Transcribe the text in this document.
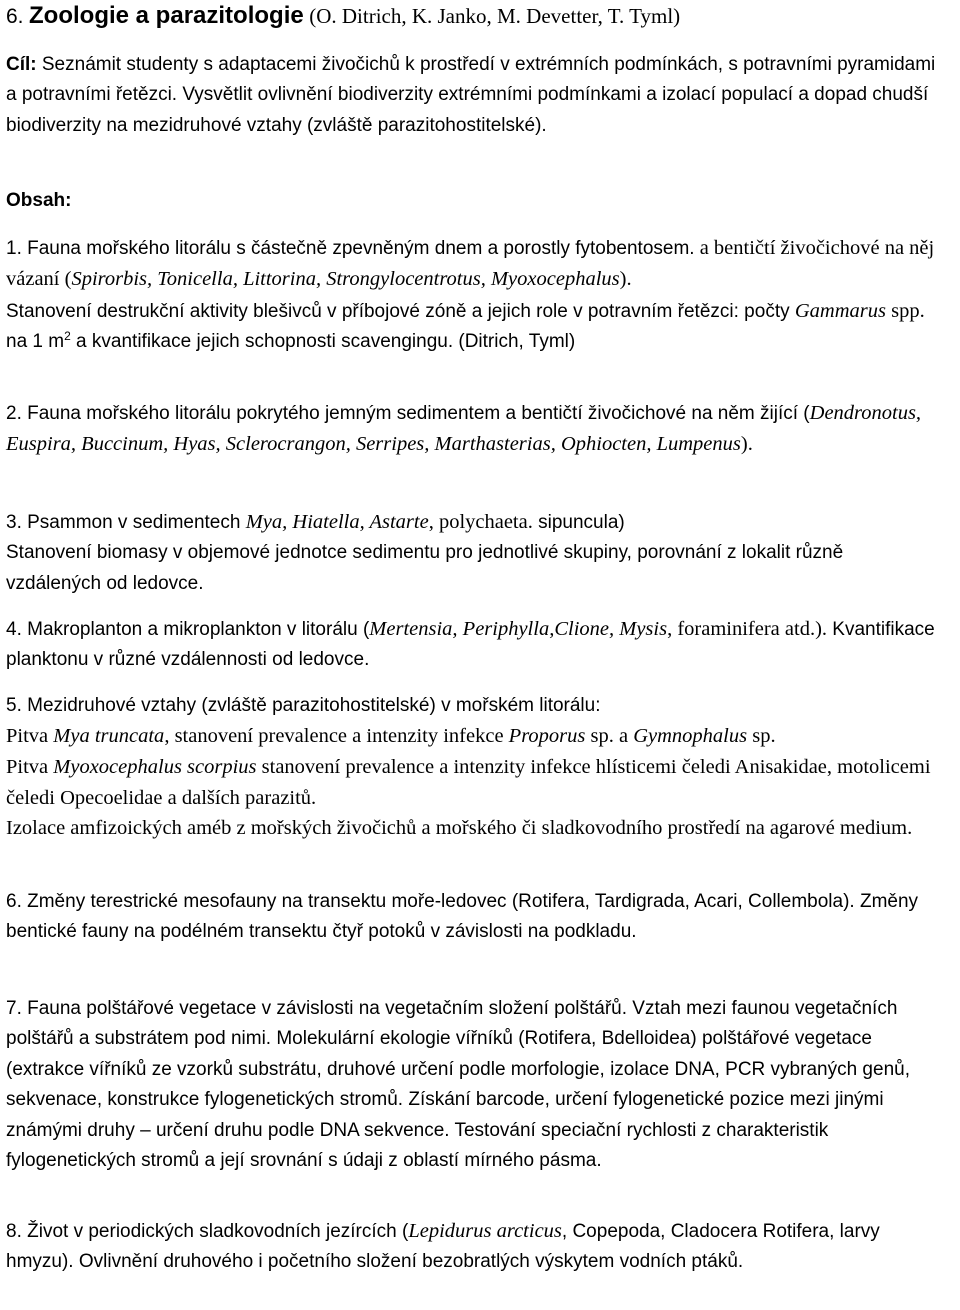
6. Zoologie a parazitologie (O. Ditrich, K. Janko, M. Devetter, T. Tyml)

Cíl: Seznámit studenty s adaptacemi živočichů k prostředí v extrémních podmínkách, s potravními pyramidami a potravními řetězci. Vysvětlit ovlivnění biodiverzity extrémními podmínkami a izolací populací a dopad chudší biodiverzity na mezidruhové vztahy (zvláště parazitohostitelské).

Obsah:

1. Fauna mořského litorálu s částečně zpevněným dnem a porostly fytobentosem. a bentičtí živočichové na něj vázaní (Spirorbis, Tonicella, Littorina, Strongylocentrotus, Myoxocephalus).
Stanovení destrukční aktivity blešivců v příbojové zóně a jejich role v potravním řetězci: počty Gammarus spp. na 1 $m^2$ a kvantifikace jejich schopnosti scavengingu. (Ditrich, Tyml)

2. Fauna mořského litorálu pokrytého jemným sedimentem a bentičtí živočichové na něm žijící (Dendronotus, Euspira, Buccinum, Hyas, Sclerocrangon, Serripes, Marthasterias, Ophiocten, Lumpenus).

3. Psammon v sedimentech Mya, Hiatella, Astarte, polychaeta. sipuncula)
Stanovení biomasy v objemové jednotce sedimentu pro jednotlivé skupiny, porovnání z lokalit různě vzdálených od ledovce.

4. Makroplanton a mikroplankton v litorálu (Mertensia, Periphylla,Clione, Mysis, foraminifera atd.). Kvantifikace planktonu v různé vzdálennosti od ledovce.

5. Mezidruhové vztahy (zvláště parazitohostitelské) v mořském litorálu:
Pitva Mya truncata, stanovení prevalence a intenzity infekce Proporus sp. a Gymnophalus sp.
Pitva Myoxocephalus scorpius stanovení prevalence a intenzity infekce hlísticemi čeledi Anisakidae, motolicemi čeledi Opecoelidae a dalších parazitů.
Izolace amfizoických améb z mořských živočichů a mořského či sladkovodního prostředí na agarové medium.

6. Změny terestrické mesofauny na transektu moře-ledovec (Rotifera, Tardigrada, Acari, Collembola). Změny bentické fauny na podélném transektu čtyř potoků v závislosti na podkladu.

7. Fauna polštářové vegetace v závislosti na vegetačním složení polštářů. Vztah mezi faunou vegetačních polštářů a substrátem pod nimi. Molekulární ekologie vířníků (Rotifera, Bdelloidea) polštářové vegetace (extrakce vířníků ze vzorků substrátu, druhové určení podle morfologie, izolace DNA, PCR vybraných genů, sekvenace, konstrukce fylogenetických stromů. Získání barcode, určení fylogenetické pozice mezi jinými známými druhy – určení druhu podle DNA sekvence. Testování speciační rychlosti z charakteristik fylogenetických stromů a její srovnání s údaji z oblastí mírného pásma.

8. Život v periodických sladkovodních jezírcích (Lepidurus arcticus, Copepoda, Cladocera Rotifera, larvy hmyzu). Ovlivnění druhového i početního složení bezobratlých výskytem vodních ptáků.
